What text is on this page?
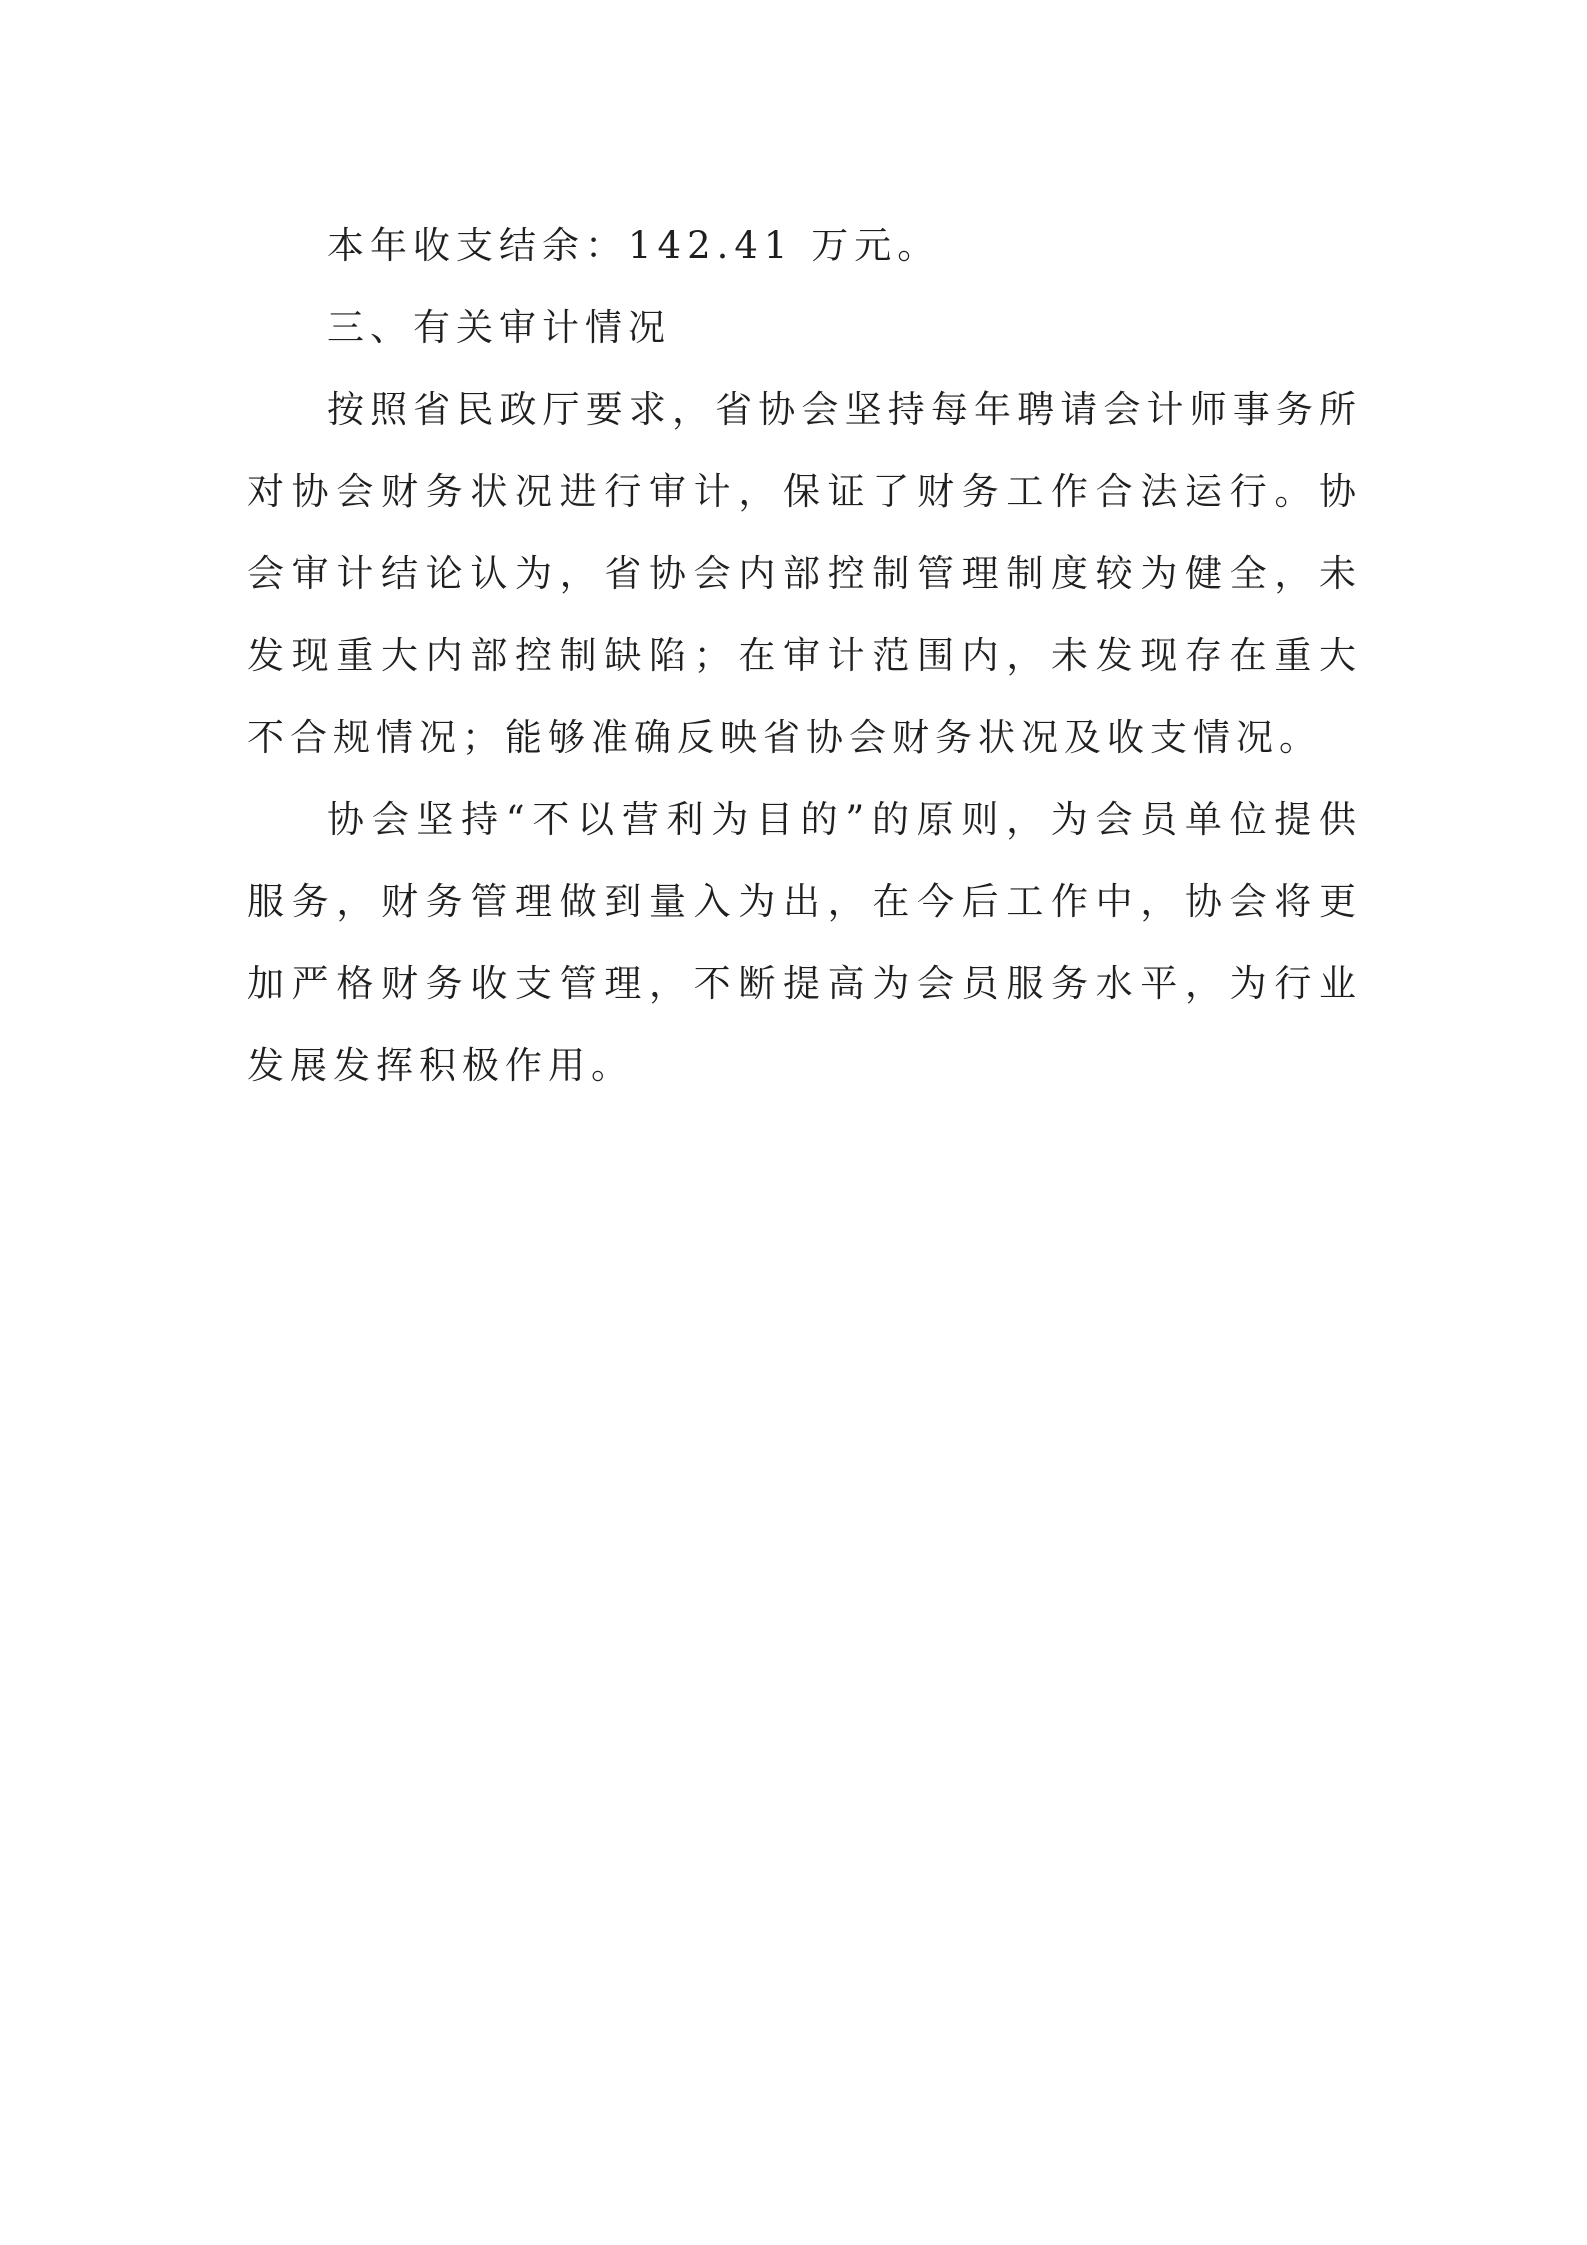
本年收支结余：142.41 万元。

三、有关审计情况

按照省民政厅要求，省协会坚持每年聘请会计师事务所对协会财务状况进行审计，保证了财务工作合法运行。协会审计结论认为，省协会内部控制管理制度较为健全，未发现重大内部控制缺陷；在审计范围内，未发现存在重大不合规情况；能够准确反映省协会财务状况及收支情况。

协会坚持“不以营利为目的”的原则，为会员单位提供服务，财务管理做到量入为出，在今后工作中，协会将更加严格财务收支管理，不断提高为会员服务水平，为行业发展发挥积极作用。
